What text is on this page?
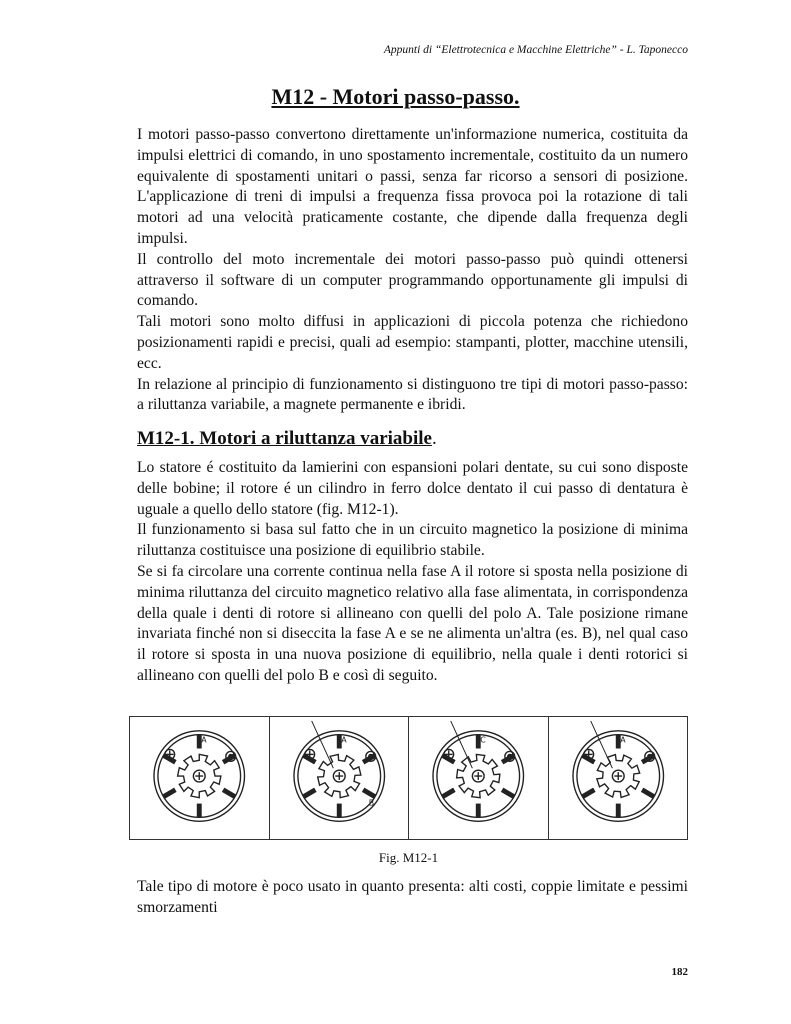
Appunti di “Elettrotecnica e Macchine Elettriche” - L. Taponecco
M12 - Motori passo-passo.

I motori passo-passo convertono direttamente un'informazione numerica, costituita da impulsi elettrici di comando, in uno spostamento incrementale, costituito da un numero equivalente di spostamenti unitari o passi, senza far ricorso a sensori di posizione. L'applicazione di treni di impulsi a frequenza fissa provoca poi la rotazione di tali motori ad una velocità praticamente costante, che dipende dalla frequenza degli impulsi.

Il controllo del moto incrementale dei motori passo-passo può quindi ottenersi attraverso il software di un computer programmando opportunamente gli impulsi di comando.

Tali motori sono molto diffusi in applicazioni di piccola potenza che richiedono posizionamenti rapidi e precisi, quali ad esempio: stampanti, plotter, macchine utensili, ecc.

In relazione al principio di funzionamento si distinguono tre tipi di motori passo-passo: a riluttanza variabile, a magnete permanente e ibridi.

M12-1. Motori a riluttanza variabile.

Lo statore é costituito da lamierini con espansioni polari dentate, su cui sono disposte delle bobine; il rotore é un cilindro in ferro dolce dentato il cui passo di dentatura è uguale a quello dello statore (fig. M12-1).

Il funzionamento si basa sul fatto che in un circuito magnetico la posizione di minima riluttanza costituisce una posizione di equilibrio stabile.

Se si fa circolare una corrente continua nella fase A il rotore si sposta nella posizione di minima riluttanza del circuito magnetico relativo alla fase alimentata, in corrispondenza della quale i denti di rotore si allineano con quelli del polo A. Tale posizione rimane invariata finché non si diseccita la fase A e se ne alimenta un'altra (es. B), nel qual caso il rotore si sposta in una nuova posizione di equilibrio, nella quale i denti rotorici si allineano con quelli del polo B e così di seguito.

A	A
B
C	A
Fig. M12-1

Tale tipo di motore è poco usato in quanto presenta: alti costi, coppie limitate e pessimi smorzamenti

182
